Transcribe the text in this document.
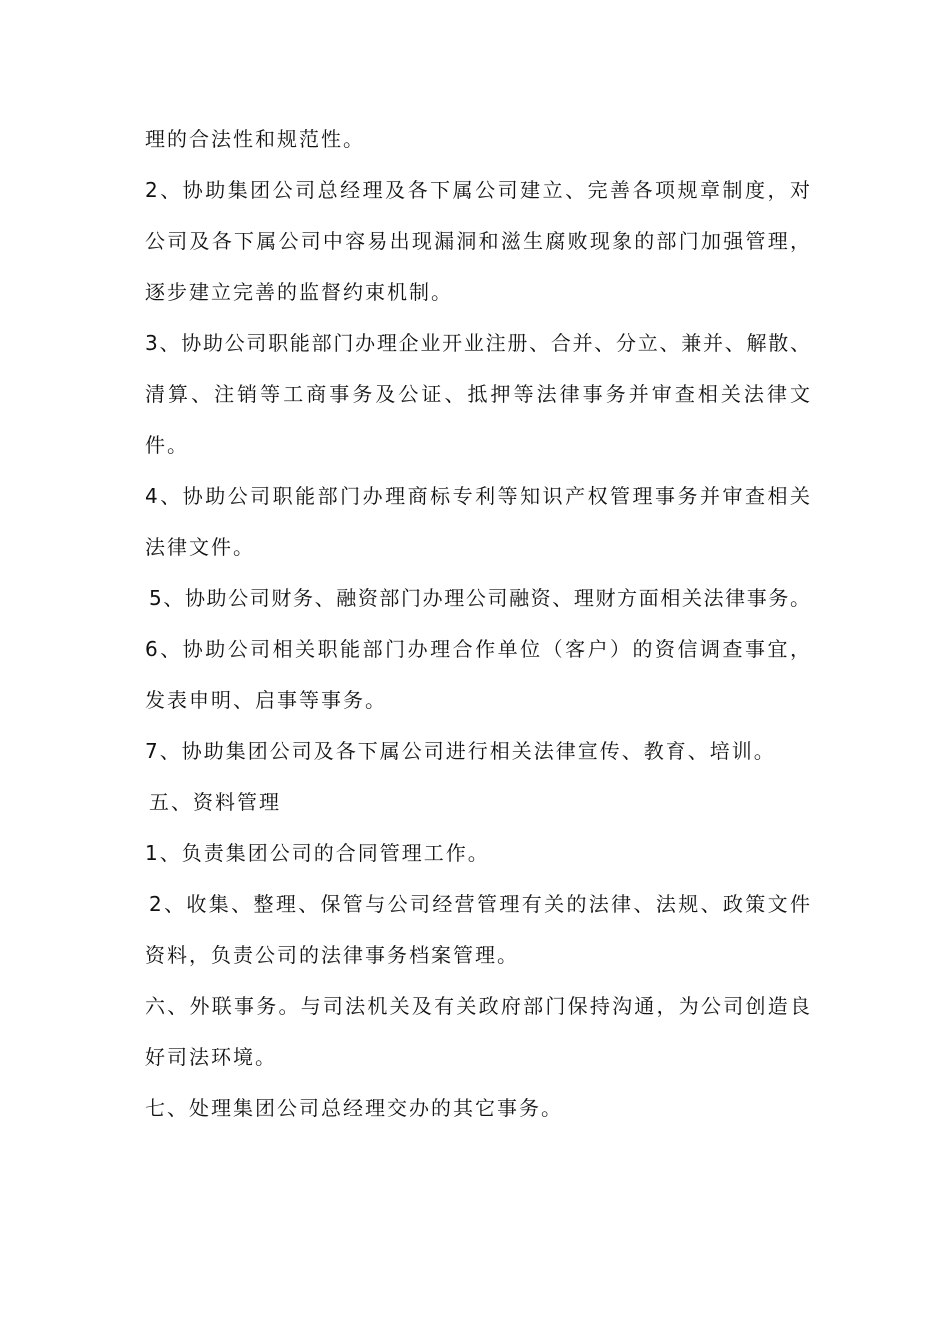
理的合法性和规范性。
2、协助集团公司总经理及各下属公司建立、完善各项规章制度，对
公司及各下属公司中容易出现漏洞和滋生腐败现象的部门加强管理，
逐步建立完善的监督约束机制。
3、协助公司职能部门办理企业开业注册、合并、分立、兼并、解散、
清算、注销等工商事务及公证、抵押等法律事务并审查相关法律文
件。
4、协助公司职能部门办理商标专利等知识产权管理事务并审查相关
法律文件。
5、协助公司财务、融资部门办理公司融资、理财方面相关法律事务。
6、协助公司相关职能部门办理合作单位（客户）的资信调查事宜，
发表申明、启事等事务。
7、协助集团公司及各下属公司进行相关法律宣传、教育、培训。
五、资料管理
1、负责集团公司的合同管理工作。
2、收集、整理、保管与公司经营管理有关的法律、法规、政策文件
资料，负责公司的法律事务档案管理。
六、外联事务。与司法机关及有关政府部门保持沟通，为公司创造良
好司法环境。
七、处理集团公司总经理交办的其它事务。
